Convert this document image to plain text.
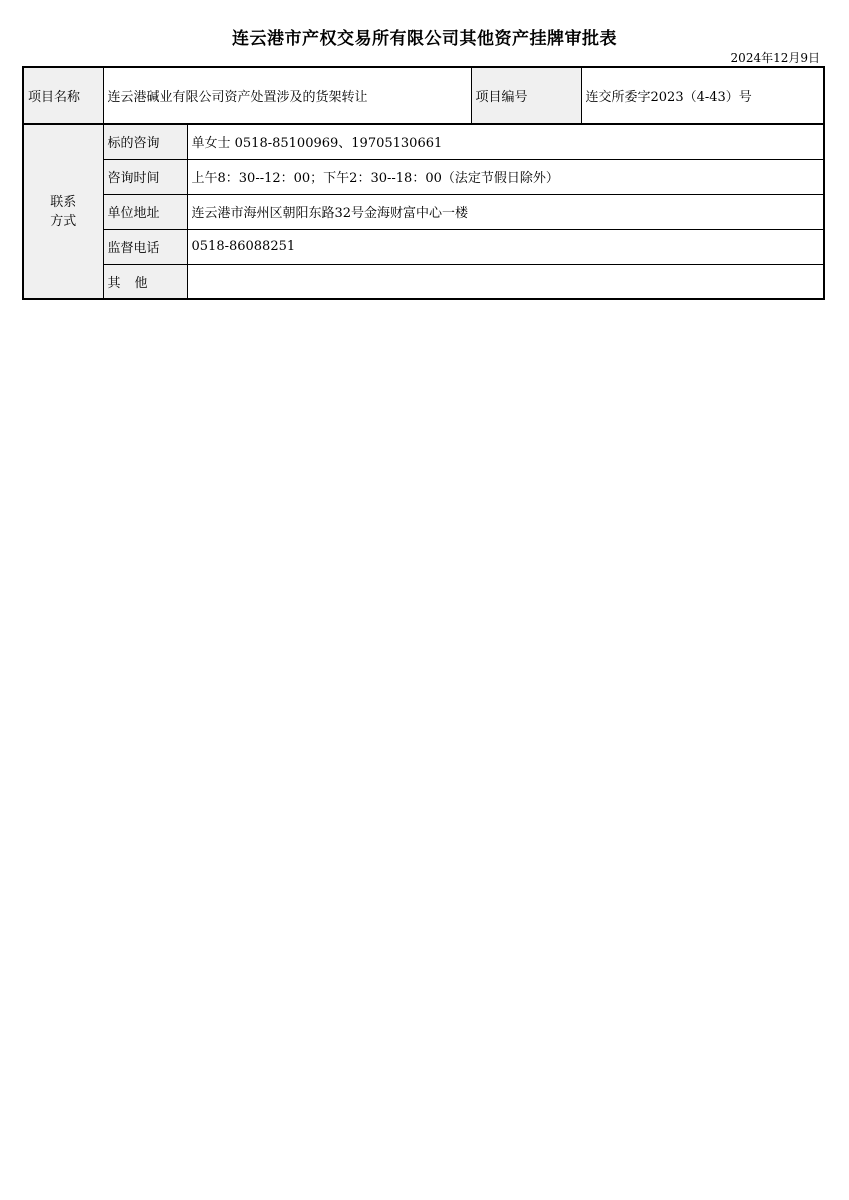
连云港市产权交易所有限公司其他资产挂牌审批表
2024年12月9日
项目名称	连云港碱业有限公司资产处置涉及的货架转让		项目编号	连交所委字2023（4-43）号

联系
方式	标的咨询	单女士 0518-85100969、19705130661		
	咨询时间	上午8：30--12：00；下午2：30--18：00（法定节假日除外）		
	单位地址	连云港市海州区朝阳东路32号金海财富中心一楼		
	监督电话	0518-86088251		
	其他			
